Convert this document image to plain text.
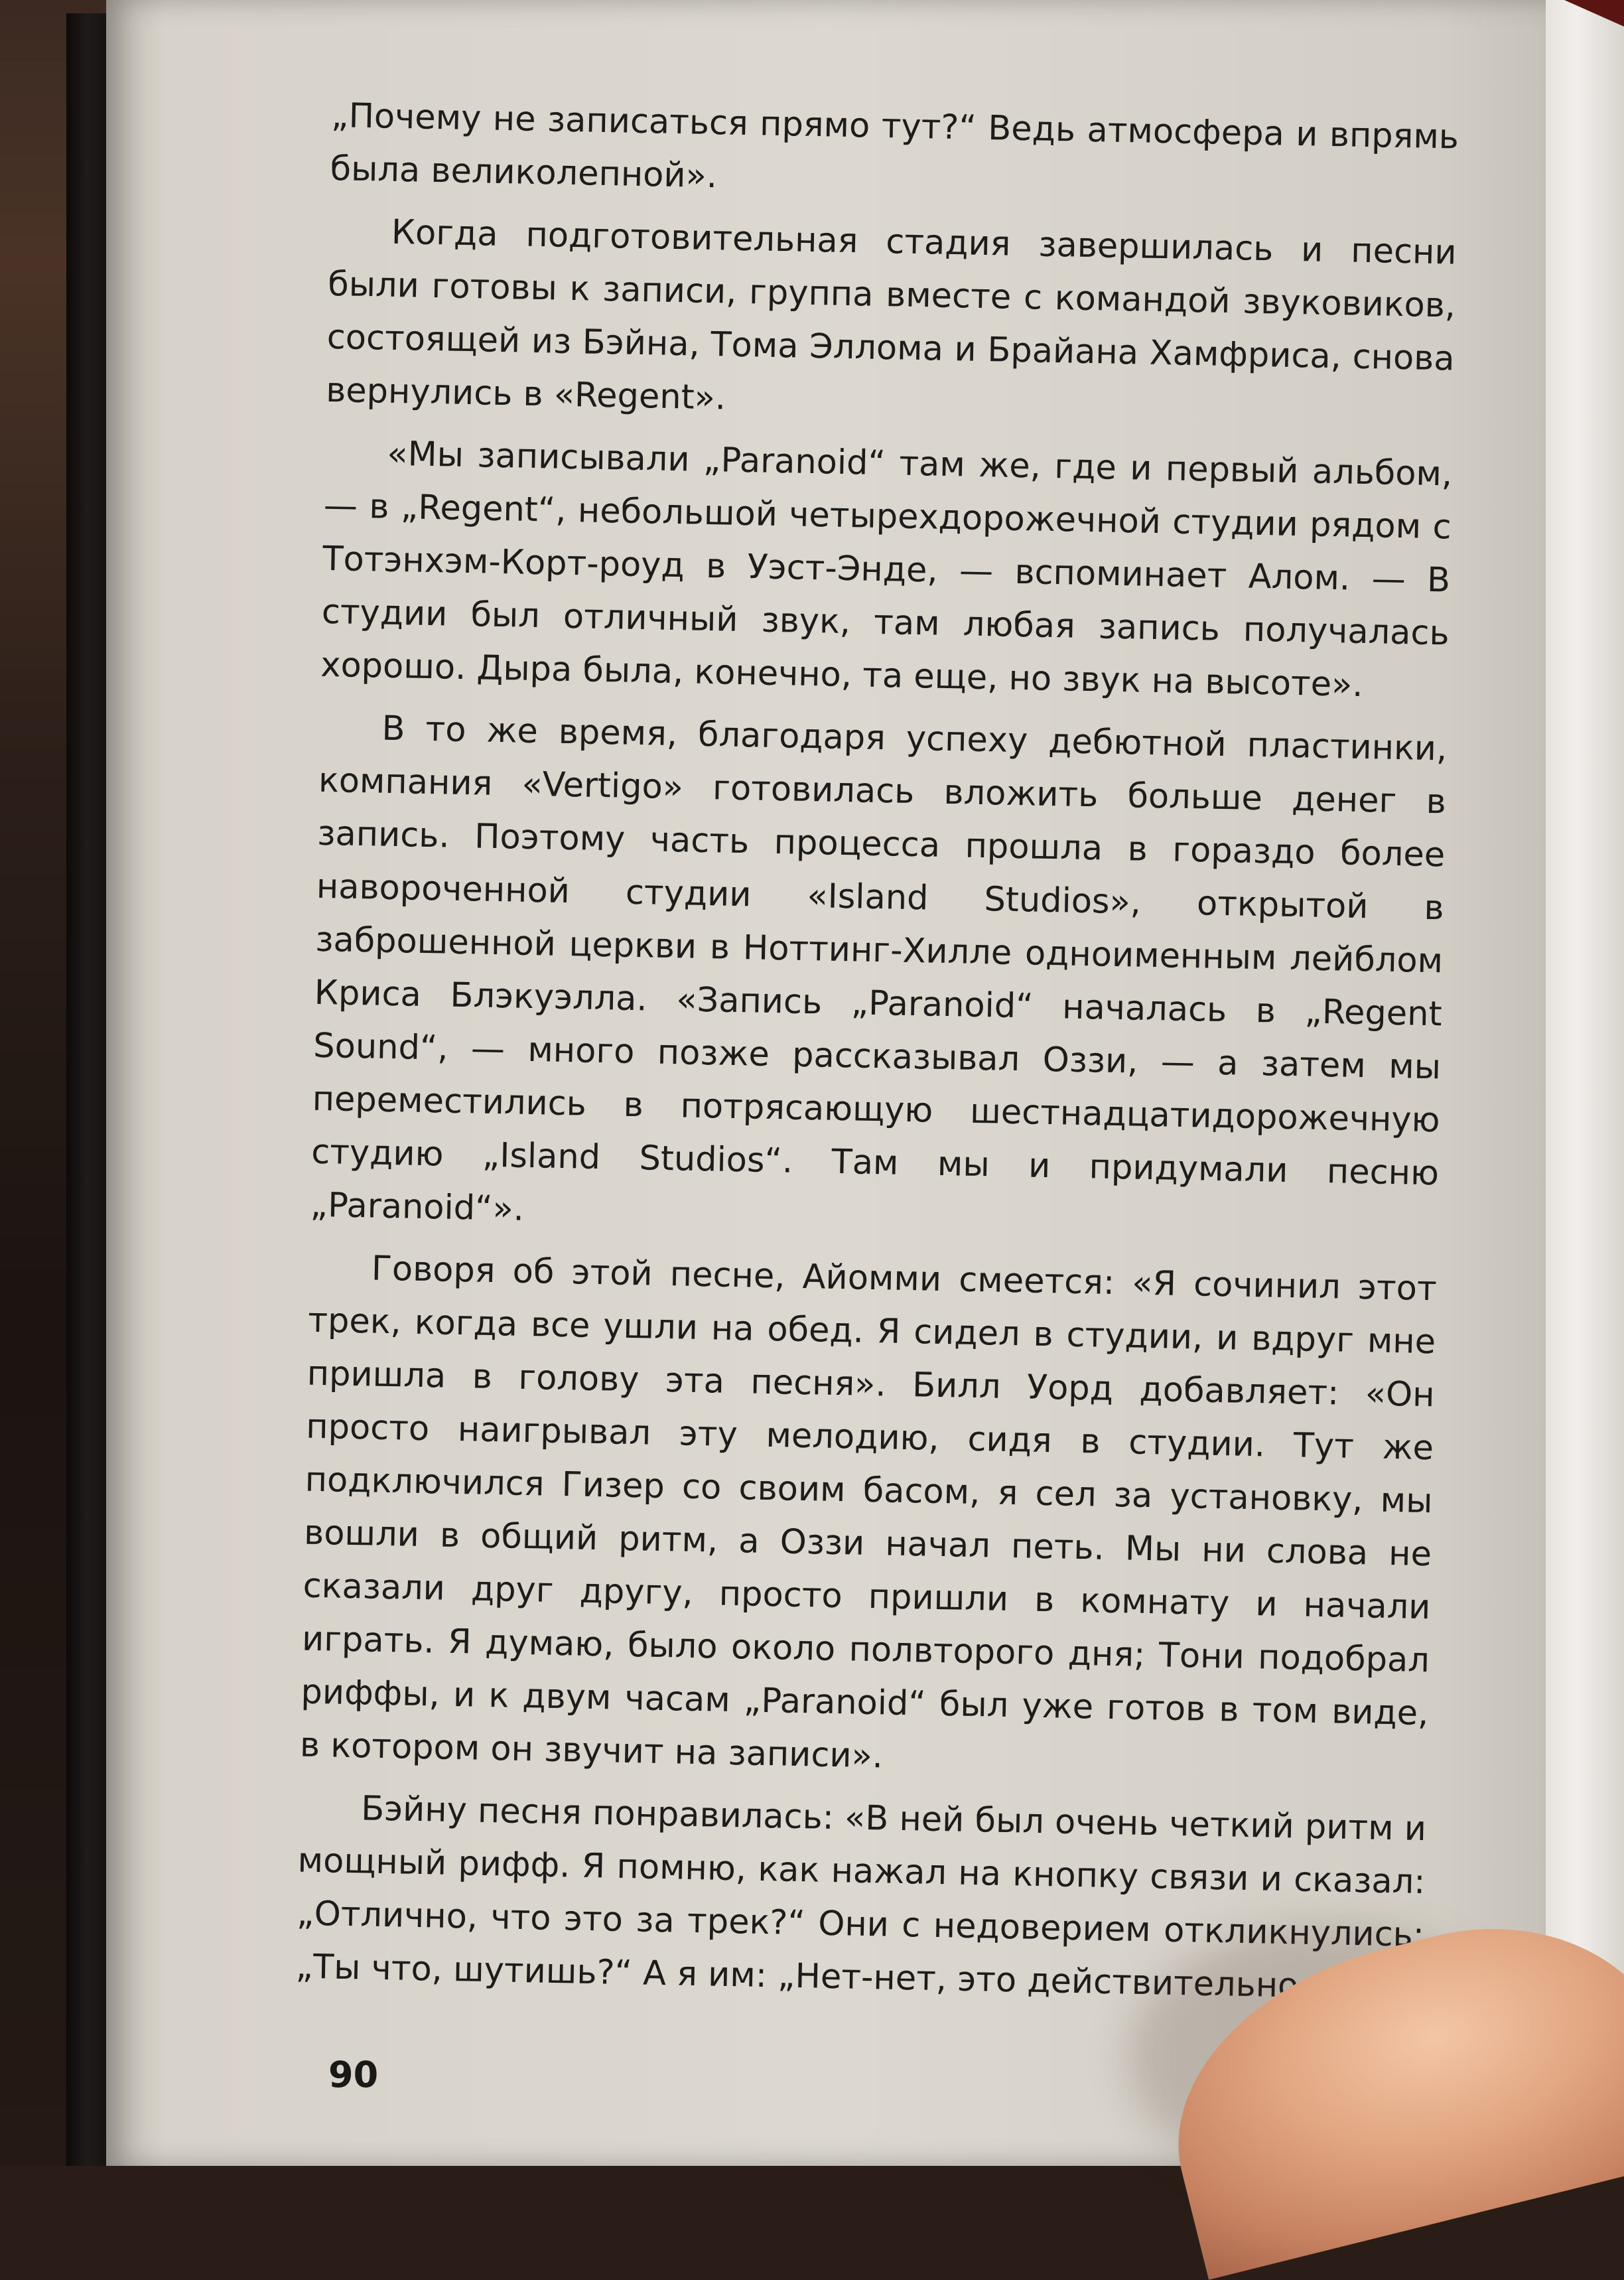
„Почему не записаться прямо тут?“ Ведь атмосфера и впрямь была великолепной».

Когда подготовительная стадия завершилась и песни были готовы к записи, группа вместе с командой звуковиков, состоящей из Бэйна, Тома Эллома и Брайана Хамфриса, снова вернулись в «Regent».

«Мы записывали „Paranoid“ там же, где и первый альбом, — в „Regent“, небольшой четырехдорожечной студии рядом с Тотэнхэм-Корт-роуд в Уэст-Энде, — вспоминает Алом. — В студии был отличный звук, там любая запись получалась хорошо. Дыра была, конечно, та еще, но звук на высоте».

В то же время, благодаря успеху дебютной пластинки, компания «Vertigo» готовилась вложить больше денег в запись. Поэтому часть процесса прошла в гораздо более навороченной студии «Island Studios», открытой в заброшенной церкви в Ноттинг-Хилле одноименным лейблом Криса Блэкуэлла. «Запись „Paranoid“ началась в „Regent Sound“, — много позже рассказывал Оззи, — а затем мы переместились в потрясающую шестнадцатидорожечную студию „Island Studios“. Там мы и придумали песню „Paranoid“».

Говоря об этой песне, Айомми смеется: «Я сочинил этот трек, когда все ушли на обед. Я сидел в студии, и вдруг мне пришла в голову эта песня». Билл Уорд добавляет: «Он просто наигрывал эту мелодию, сидя в студии. Тут же подключился Гизер со своим басом, я сел за установку, мы вошли в общий ритм, а Оззи начал петь. Мы ни слова не сказали друг другу, просто пришли в комнату и начали играть. Я думаю, было около полвторого дня; Тони подобрал риффы, и к двум часам „Paranoid“ был уже готов в том виде, в котором он звучит на записи».

Бэйну песня понравилась: «В ней был очень четкий ритм и мощный рифф. Я помню, как нажал на кнопку связи и сказал: „Отлично, что это за трек?“ Они с недоверием откликнулись: „Ты что, шутишь?“ А я им: „Нет-нет, это действительно

90
